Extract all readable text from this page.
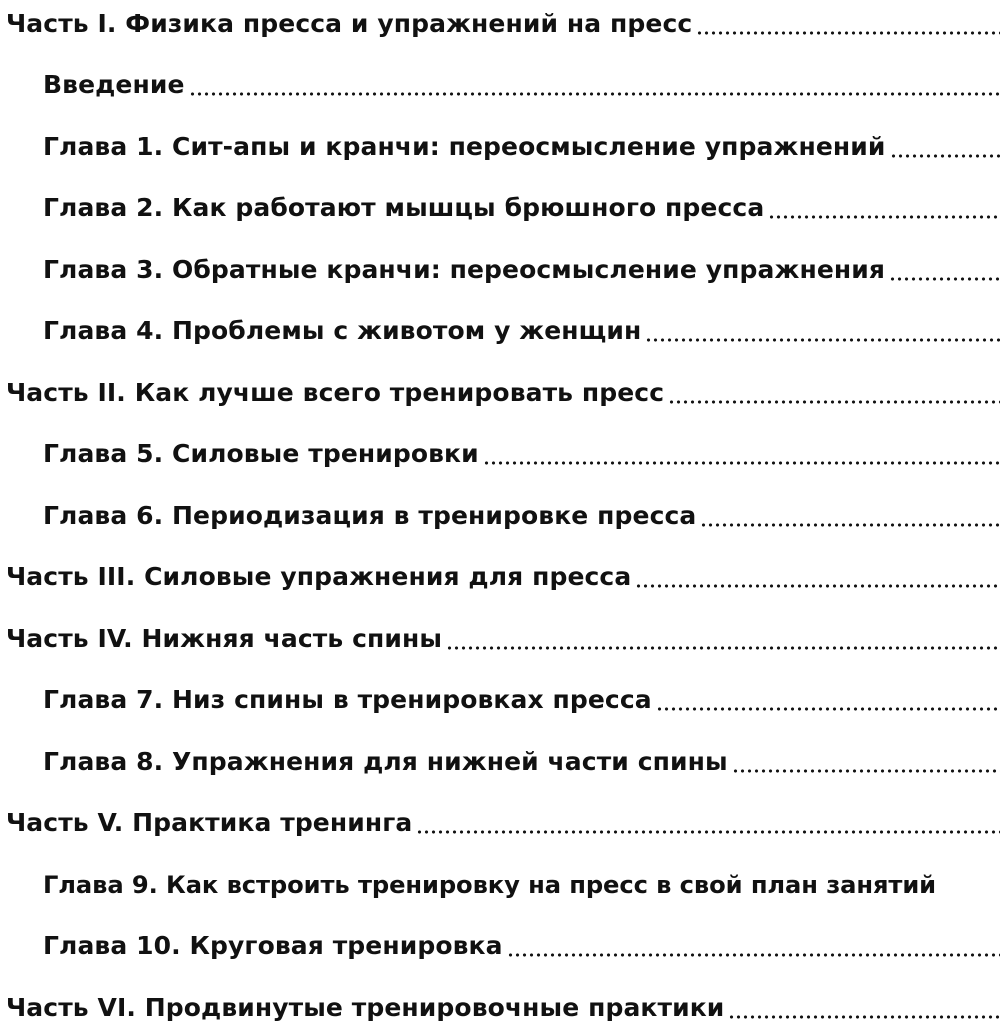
Часть I. Физика пресса и упражнений на пресс
Введение
Глава 1. Сит-апы и кранчи: переосмысление упражнений
Глава 2. Как работают мышцы брюшного пресса
Глава 3. Обратные кранчи: переосмысление упражнения
Глава 4. Проблемы с животом у женщин
Часть II. Как лучше всего тренировать пресс
Глава 5. Силовые тренировки
Глава 6. Периодизация в тренировке пресса
Часть III. Силовые упражнения для пресса
Часть IV. Нижняя часть спины
Глава 7. Низ спины в тренировках пресса
Глава 8. Упражнения для нижней части спины
Часть V. Практика тренинга
Глава 9. Как встроить тренировку на пресс в свой план занятий
Глава 10. Круговая тренировка
Часть VI. Продвинутые тренировочные практики
